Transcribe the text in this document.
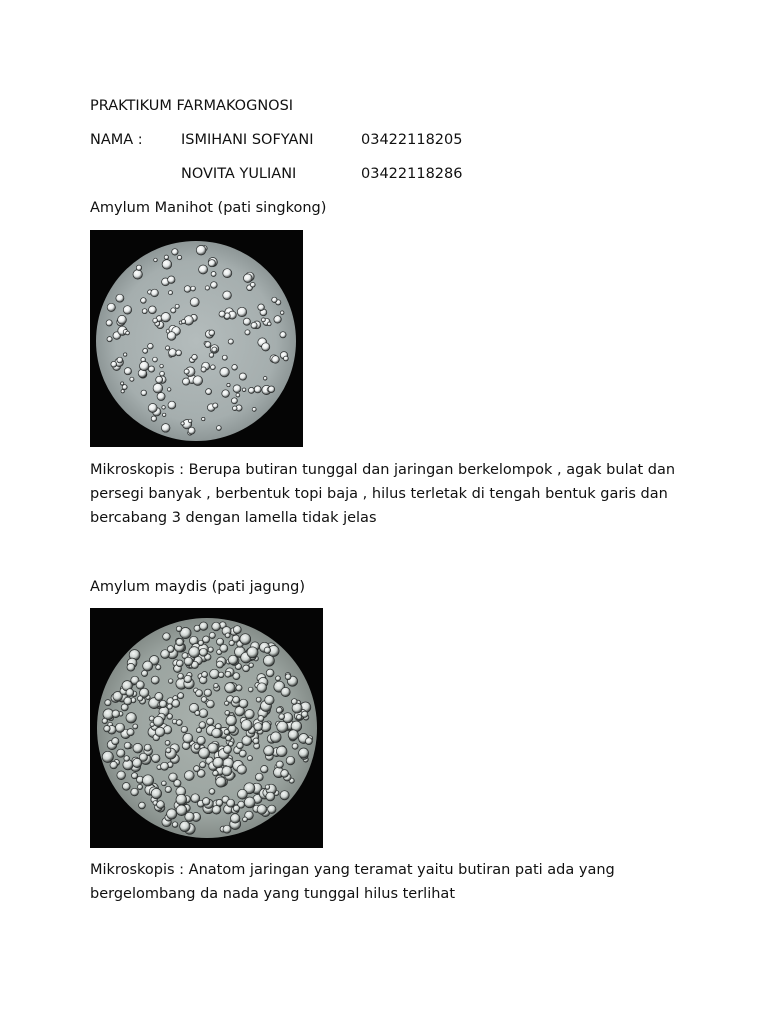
PRAKTIKUM FARMAKOGNOSI
NAMA :	ISMIHANI SOFYANI	03422118205
NOVITA YULIANI	03422118286
Amylum Manihot (pati singkong)
Mikroskopis : Berupa butiran tunggal dan jaringan berkelompok , agak bulat dan
persegi banyak , berbentuk topi baja , hilus terletak di tengah bentuk garis dan
bercabang 3 dengan lamella tidak jelas
Amylum maydis (pati jagung)
Mikroskopis : Anatom jaringan yang teramat yaitu butiran pati ada yang
bergelombang da nada yang tunggal hilus terlihat
